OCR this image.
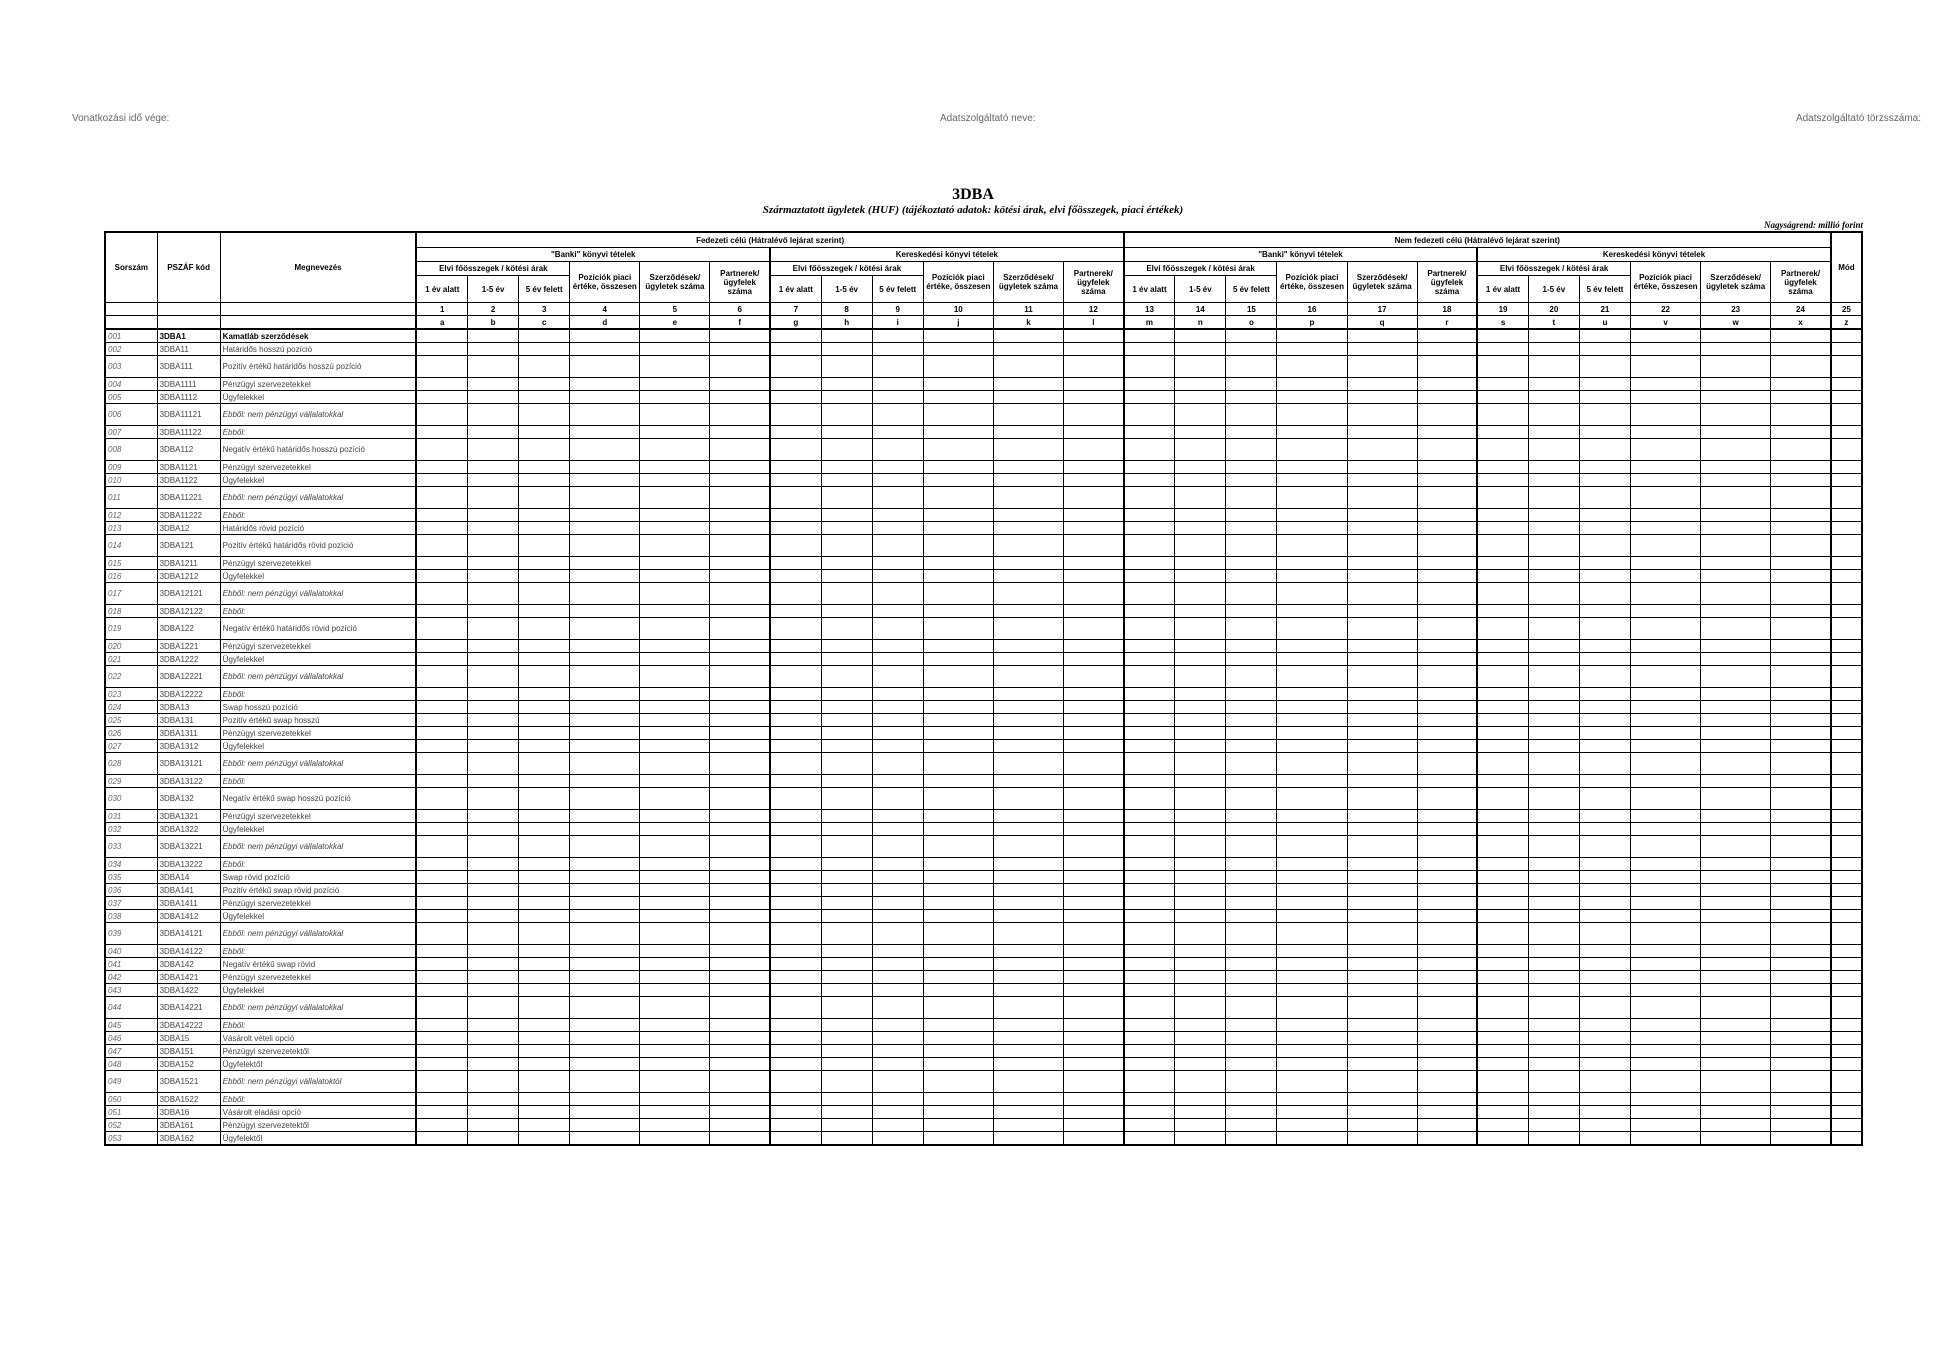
Vonatkozási idő vége:	Adatszolgáltató neve:	Adatszolgáltató törzsszáma:
3DBA
Származtatott ügyletek (HUF) (tájékoztató adatok: kötési árak, elvi főösszegek, piaci értékek)
Nagyságrend: millió forint
Sorszám	PSZÁF kód	Megnevezés	Fedezeti célú (Hátralévő lejárat szerint)												Nem fedezeti célú (Hátralévő lejárat szerint)												Mód
			"Banki" könyvi tételek						Kereskedési könyvi tételek						"Banki" könyvi tételek						Kereskedési könyvi tételek						
			Elvi főösszegek / kötési árak			Pozíciók piaci értéke, összesen	Szerződések/ ügyletek száma	Partnerek/ ügyfelek száma	Elvi főösszegek / kötési árak			Pozíciók piaci értéke, összesen	Szerződések/ ügyletek száma	Partnerek/ ügyfelek száma	Elvi főösszegek / kötési árak			Pozíciók piaci értéke, összesen	Szerződések/ ügyletek száma	Partnerek/ ügyfelek száma	Elvi főösszegek / kötési árak			Pozíciók piaci értéke, összesen	Szerződések/ ügyletek száma	Partnerek/ ügyfelek száma	
			1 év alatt	1-5 év	5 év felett				1 év alatt	1-5 év	5 év felett				1 év alatt	1-5 év	5 év felett				1 év alatt	1-5 év	5 év felett				
			1	2	3	4	5	6	7	8	9	10	11	12	13	14	15	16	17	18	19	20	21	22	23	24	25
			a	b	c	d	e	f	g	h	i	j	k	l	m	n	o	p	q	r	s	t	u	v	w	x	z
001	3DBA1	Kamatláb szerződések																									
002	3DBA11	Határidős hosszú pozíció																									
003	3DBA111	Pozitív értékű határidős hosszú pozíció																									
004	3DBA1111	Pénzügyi szervezetekkel																									
005	3DBA1112	Ügyfelekkel																									
006	3DBA11121	Ebből: nem pénzügyi vállalatokkal																									
007	3DBA11122	Ebből:																									
008	3DBA112	Negatív értékű határidős hosszú pozíció																									
009	3DBA1121	Pénzügyi szervezetekkel																									
010	3DBA1122	Ügyfelekkel																									
011	3DBA11221	Ebből: nem pénzügyi vállalatokkal																									
012	3DBA11222	Ebből:																									
013	3DBA12	Határidős rövid pozíció																									
014	3DBA121	Pozitív értékű határidős rövid pozíció																									
015	3DBA1211	Pénzügyi szervezetekkel																									
016	3DBA1212	Ügyfelekkel																									
017	3DBA12121	Ebből: nem pénzügyi vállalatokkal																									
018	3DBA12122	Ebből:																									
019	3DBA122	Negatív értékű határidős rövid pozíció																									
020	3DBA1221	Pénzügyi szervezetekkel																									
021	3DBA1222	Ügyfelekkel																									
022	3DBA12221	Ebből: nem pénzügyi vállalatokkal																									
023	3DBA12222	Ebből:																									
024	3DBA13	Swap hosszú pozíció																									
025	3DBA131	Pozitív értékű swap hosszú																									
026	3DBA1311	Pénzügyi szervezetekkel																									
027	3DBA1312	Ügyfelekkel																									
028	3DBA13121	Ebből: nem pénzügyi vállalatokkal																									
029	3DBA13122	Ebből:																									
030	3DBA132	Negatív értékű swap hosszú pozíció																									
031	3DBA1321	Pénzügyi szervezetekkel																									
032	3DBA1322	Ügyfelekkel																									
033	3DBA13221	Ebből: nem pénzügyi vállalatokkal																									
034	3DBA13222	Ebből:																									
035	3DBA14	Swap rövid pozíció																									
036	3DBA141	Pozitív értékű swap rövid pozíció																									
037	3DBA1411	Pénzügyi szervezetekkel																									
038	3DBA1412	Ügyfelekkel																									
039	3DBA14121	Ebből: nem pénzügyi vállalatokkal																									
040	3DBA14122	Ebből:																									
041	3DBA142	Negatív értékű swap rövid																									
042	3DBA1421	Pénzügyi szervezetekkel																									
043	3DBA1422	Ügyfelekkel																									
044	3DBA14221	Ebből: nem pénzügyi vállalatokkal																									
045	3DBA14222	Ebből:																									
046	3DBA15	Vásárolt vételi opció																									
047	3DBA151	Pénzügyi szervezetektől																									
048	3DBA152	Ügyfelektől																									
049	3DBA1521	Ebből: nem pénzügyi vállalatoktól																									
050	3DBA1522	Ebből:																									
051	3DBA16	Vásárolt eladási opció																									
052	3DBA161	Pénzügyi szervezetektől																									
053	3DBA162	Ügyfelektől																									
